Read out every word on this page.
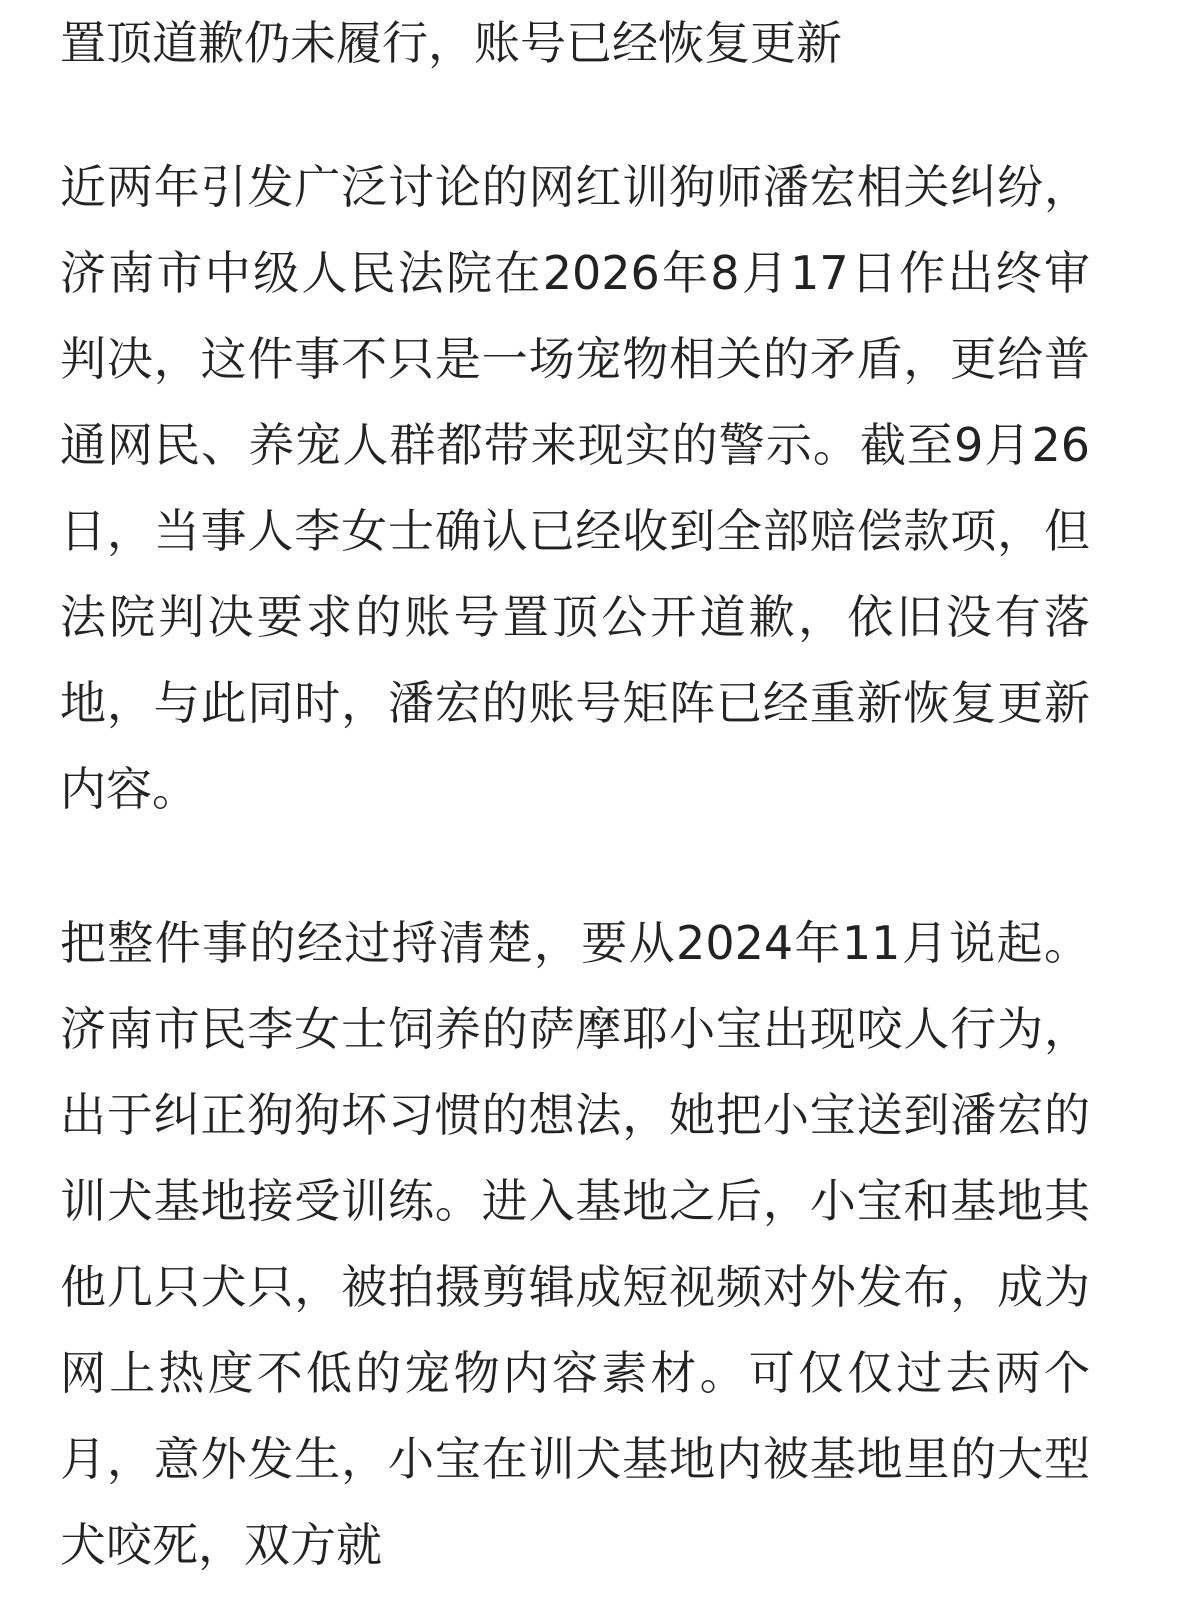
置顶道歉仍未履行，账号已经恢复更新

近两年引发广泛讨论的网红训狗师潘宏相关纠纷，济南市中级人民法院在2026年8月17日作出终审判决，这件事不只是一场宠物相关的矛盾，更给普通网民、养宠人群都带来现实的警示。截至9月26日，当事人李女士确认已经收到全部赔偿款项，但法院判决要求的账号置顶公开道歉，依旧没有落地，与此同时，潘宏的账号矩阵已经重新恢复更新内容。

把整件事的经过捋清楚，要从2024年11月说起。济南市民李女士饲养的萨摩耶小宝出现咬人行为，出于纠正狗狗坏习惯的想法，她把小宝送到潘宏的训犬基地接受训练。进入基地之后，小宝和基地其他几只犬只，被拍摄剪辑成短视频对外发布，成为网上热度不低的宠物内容素材。可仅仅过去两个月，意外发生，小宝在训犬基地内被基地里的大型犬咬死，双方就
